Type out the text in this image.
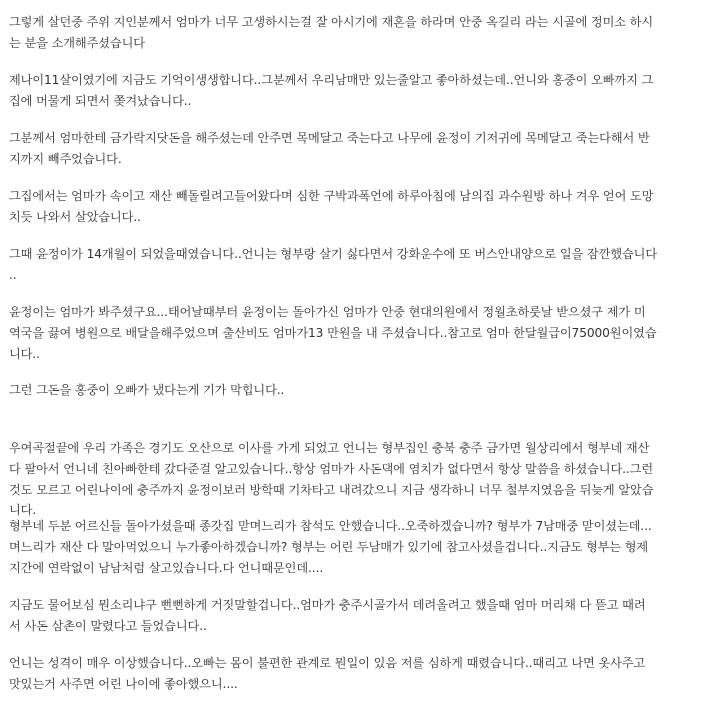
그렇게 살던중 주위 지인분께서 엄마가 너무 고생하시는걸 잘 아시기에 재혼을 하라며 안중 옥길리 라는 시골에 정미소 하시
는 분을 소개해주셨습니다

제나이11살이였기에 지금도 기억이생생합니다..그분께서 우리남매만 있는줄알고 좋아하셨는데..언니와 홍중이 오빠까지 그
집에 머물게 되면서 쫒겨났습니다..

그분께서 엄마한테 금가락지닷돈을 해주셨는데 안주면 목메달고 죽는다고 나무에 윤정이 기저귀에 목메달고 죽는다해서 반
지까지 빼주었습니다.

그집에서는 엄마가 속이고 재산 빼돌릴려고들어왔다며 심한 구박과폭언에 하루아침에 남의집 과수원방 하나 겨우 얻어 도망
치듯 나와서 살았습니다..

그때 윤정이가 14개월이 되었을때였습니다..언니는 형부랑 살기 싫다면서 강화운수에 또 버스안내양으로 일을 잠깐했습니다
..

윤정이는 엄마가 봐주셨구요...태어날때부터 윤정이는 돌아가신 엄마가 안중 현대의원에서 정월초하룻날 받으셨구 제가 미
역국을 끓여 병원으로 배달을해주었으며 출산비도 엄마가13 만원을 내 주셨습니다..참고로 엄마 한달월급이75000원이였습
니다..

그런 그돈을 홍중이 오빠가 냈다는게 기가 막힙니다..

우여곡절끝에 우리 가족은 경기도 오산으로 이사를 가게 되었고 언니는 형부집인 충북 충주 금가면 월상리에서 형부네 재산
다 팔아서 언니네 친아빠한테 갔다준걸 알고있습니다..항상 엄마가 사돈댁에 염치가 없다면서 항상 말씀을 하셨습니다..그런
것도 모르고 어린나이에 충주까지 윤정이보러 방학때 기차타고 내려갔으니 지금 생각하니 너무 철부지였음을 뒤늦게 알았습
니다.

형부네 두분 어르신들 돌아가셨을때 종갓집 맏며느리가 참석도 안했습니다..오죽하겠습니까? 형부가 7남매중 맏이셨는데...
며느리가 재산 다 말아먹었으니 누가좋아하겠습니까? 형부는 어린 두남매가 있기에 참고사셨을겁니다..지금도 형부는 형제
지간에 연락없이 남남처럼 살고있습니다.다 언니때문인데....

지금도 물어보심 뭔소리냐구 뻔뻔하게 거짓말할겁니다..엄마가 충주시골가서 데려올려고 했을때 엄마 머리채 다 뜯고 때려
서 사돈 삼촌이 말렸다고 들었습니다..

언니는 성격이 매우 이상했습니다..오빠는 몸이 불편한 관계로 뭔일이 있음 저를 심하게 때렸습니다..때리고 나면 옷사주고
맛있는거 사주면 어린 나이에 좋아했으니....
